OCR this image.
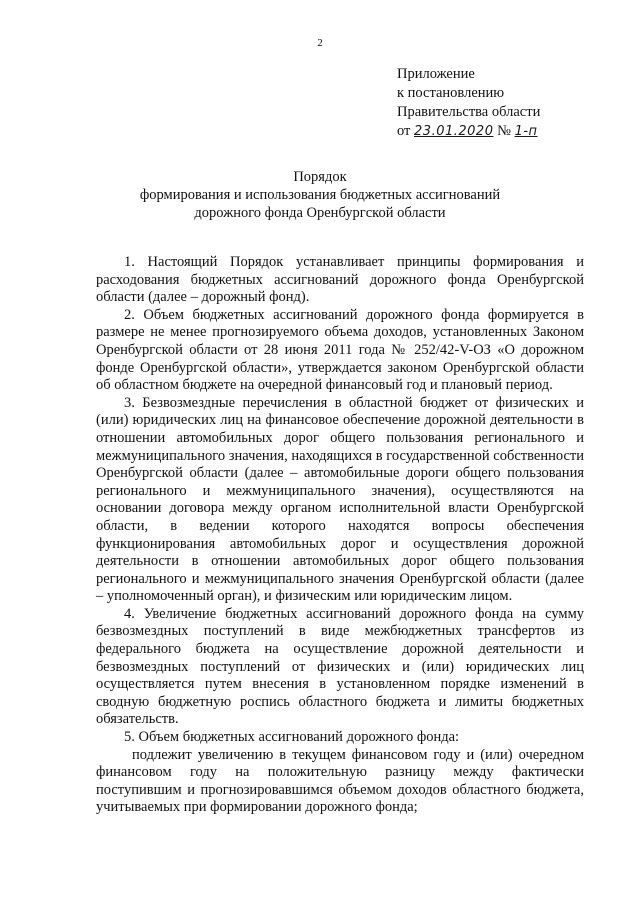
2
Приложение
к постановлению
Правительства области
от 23.01.2020 № 1-п
Порядок
формирования и использования бюджетных ассигнований
дорожного фонда Оренбургской области

1. Настоящий Порядок устанавливает принципы формирования и расходования бюджетных ассигнований дорожного фонда Оренбургской области (далее – дорожный фонд).

2. Объем бюджетных ассигнований дорожного фонда формируется в размере не менее прогнозируемого объема доходов, установленных Законом Оренбургской области от 28 июня 2011 года № 252/42-V-ОЗ «О дорожном фонде Оренбургской области», утверждается законом Оренбургской области об областном бюджете на очередной финансовый год и плановый период.

3. Безвозмездные перечисления в областной бюджет от физических и (или) юридических лиц на финансовое обеспечение дорожной деятельности в отношении автомобильных дорог общего пользования регионального и межмуниципального значения, находящихся в государственной собственности Оренбургской области (далее – автомобильные дороги общего пользования регионального и межмуниципального значения), осуществляются на основании договора между органом исполнительной власти Оренбургской области, в ведении которого находятся вопросы обеспечения функционирования автомобильных дорог и осуществления дорожной деятельности в отношении автомобильных дорог общего пользования регионального и межмуниципального значения Оренбургской области (далее – уполномоченный орган), и физическим или юридическим лицом.

4. Увеличение бюджетных ассигнований дорожного фонда на сумму безвозмездных поступлений в виде межбюджетных трансфертов из федерального бюджета на осуществление дорожной деятельности и безвозмездных поступлений от физических и (или) юридических лиц осуществляется путем внесения в установленном порядке изменений в сводную бюджетную роспись областного бюджета и лимиты бюджетных обязательств.

5. Объем бюджетных ассигнований дорожного фонда:

подлежит увеличению в текущем финансовом году и (или) очередном финансовом году на положительную разницу между фактически поступившим и прогнозировавшимся объемом доходов областного бюджета, учитываемых при формировании дорожного фонда;
